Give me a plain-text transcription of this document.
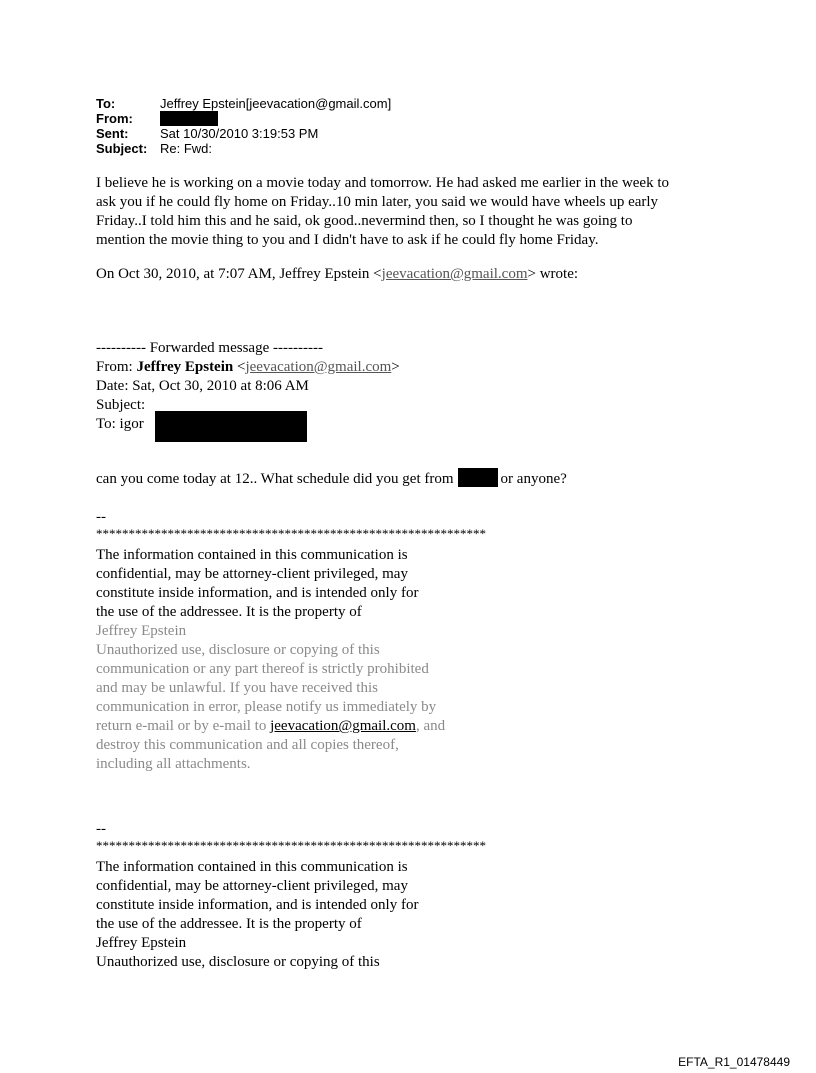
To:	Jeffrey Epstein[jeevacation@gmail.com]
From:
Sent:	Sat 10/30/2010 3:19:53 PM
Subject: Re: Fwd:

I believe he is working on a movie today and tomorrow. He had asked me earlier in the week to

ask you if he could fly home on Friday..10 min later, you said we would have wheels up early

Friday..I told him this and he said, ok good..nevermind then, so I thought he was going to

mention the movie thing to you and I didn't have to ask if he could fly home Friday.

On Oct 30, 2010, at 7:07 AM, Jeffrey Epstein <jeevacation@gmail.com> wrote:

---------- Forwarded message ----------

From: Jeffrey Epstein <jeevacation@gmail.com>

Date: Sat, Oct 30, 2010 at 8:06 AM

Subject:

To: igor

can you come today at 12.. What schedule did you get from	or anyone?

--

************************************************************

The information contained in this communication is

confidential, may be attorney-client privileged, may

constitute inside information, and is intended only for

the use of the addressee. It is the property of

Jeffrey Epstein

Unauthorized use, disclosure or copying of this

communication or any part thereof is strictly prohibited

and may be unlawful. If you have received this

communication in error, please notify us immediately by

return e-mail or by e-mail to jeevacation@gmail.com, and

destroy this communication and all copies thereof,

including all attachments.

--

************************************************************

The information contained in this communication is

confidential, may be attorney-client privileged, may

constitute inside information, and is intended only for

the use of the addressee. It is the property of

Jeffrey Epstein

Unauthorized use, disclosure or copying of this

EFTA_R1_01478449
